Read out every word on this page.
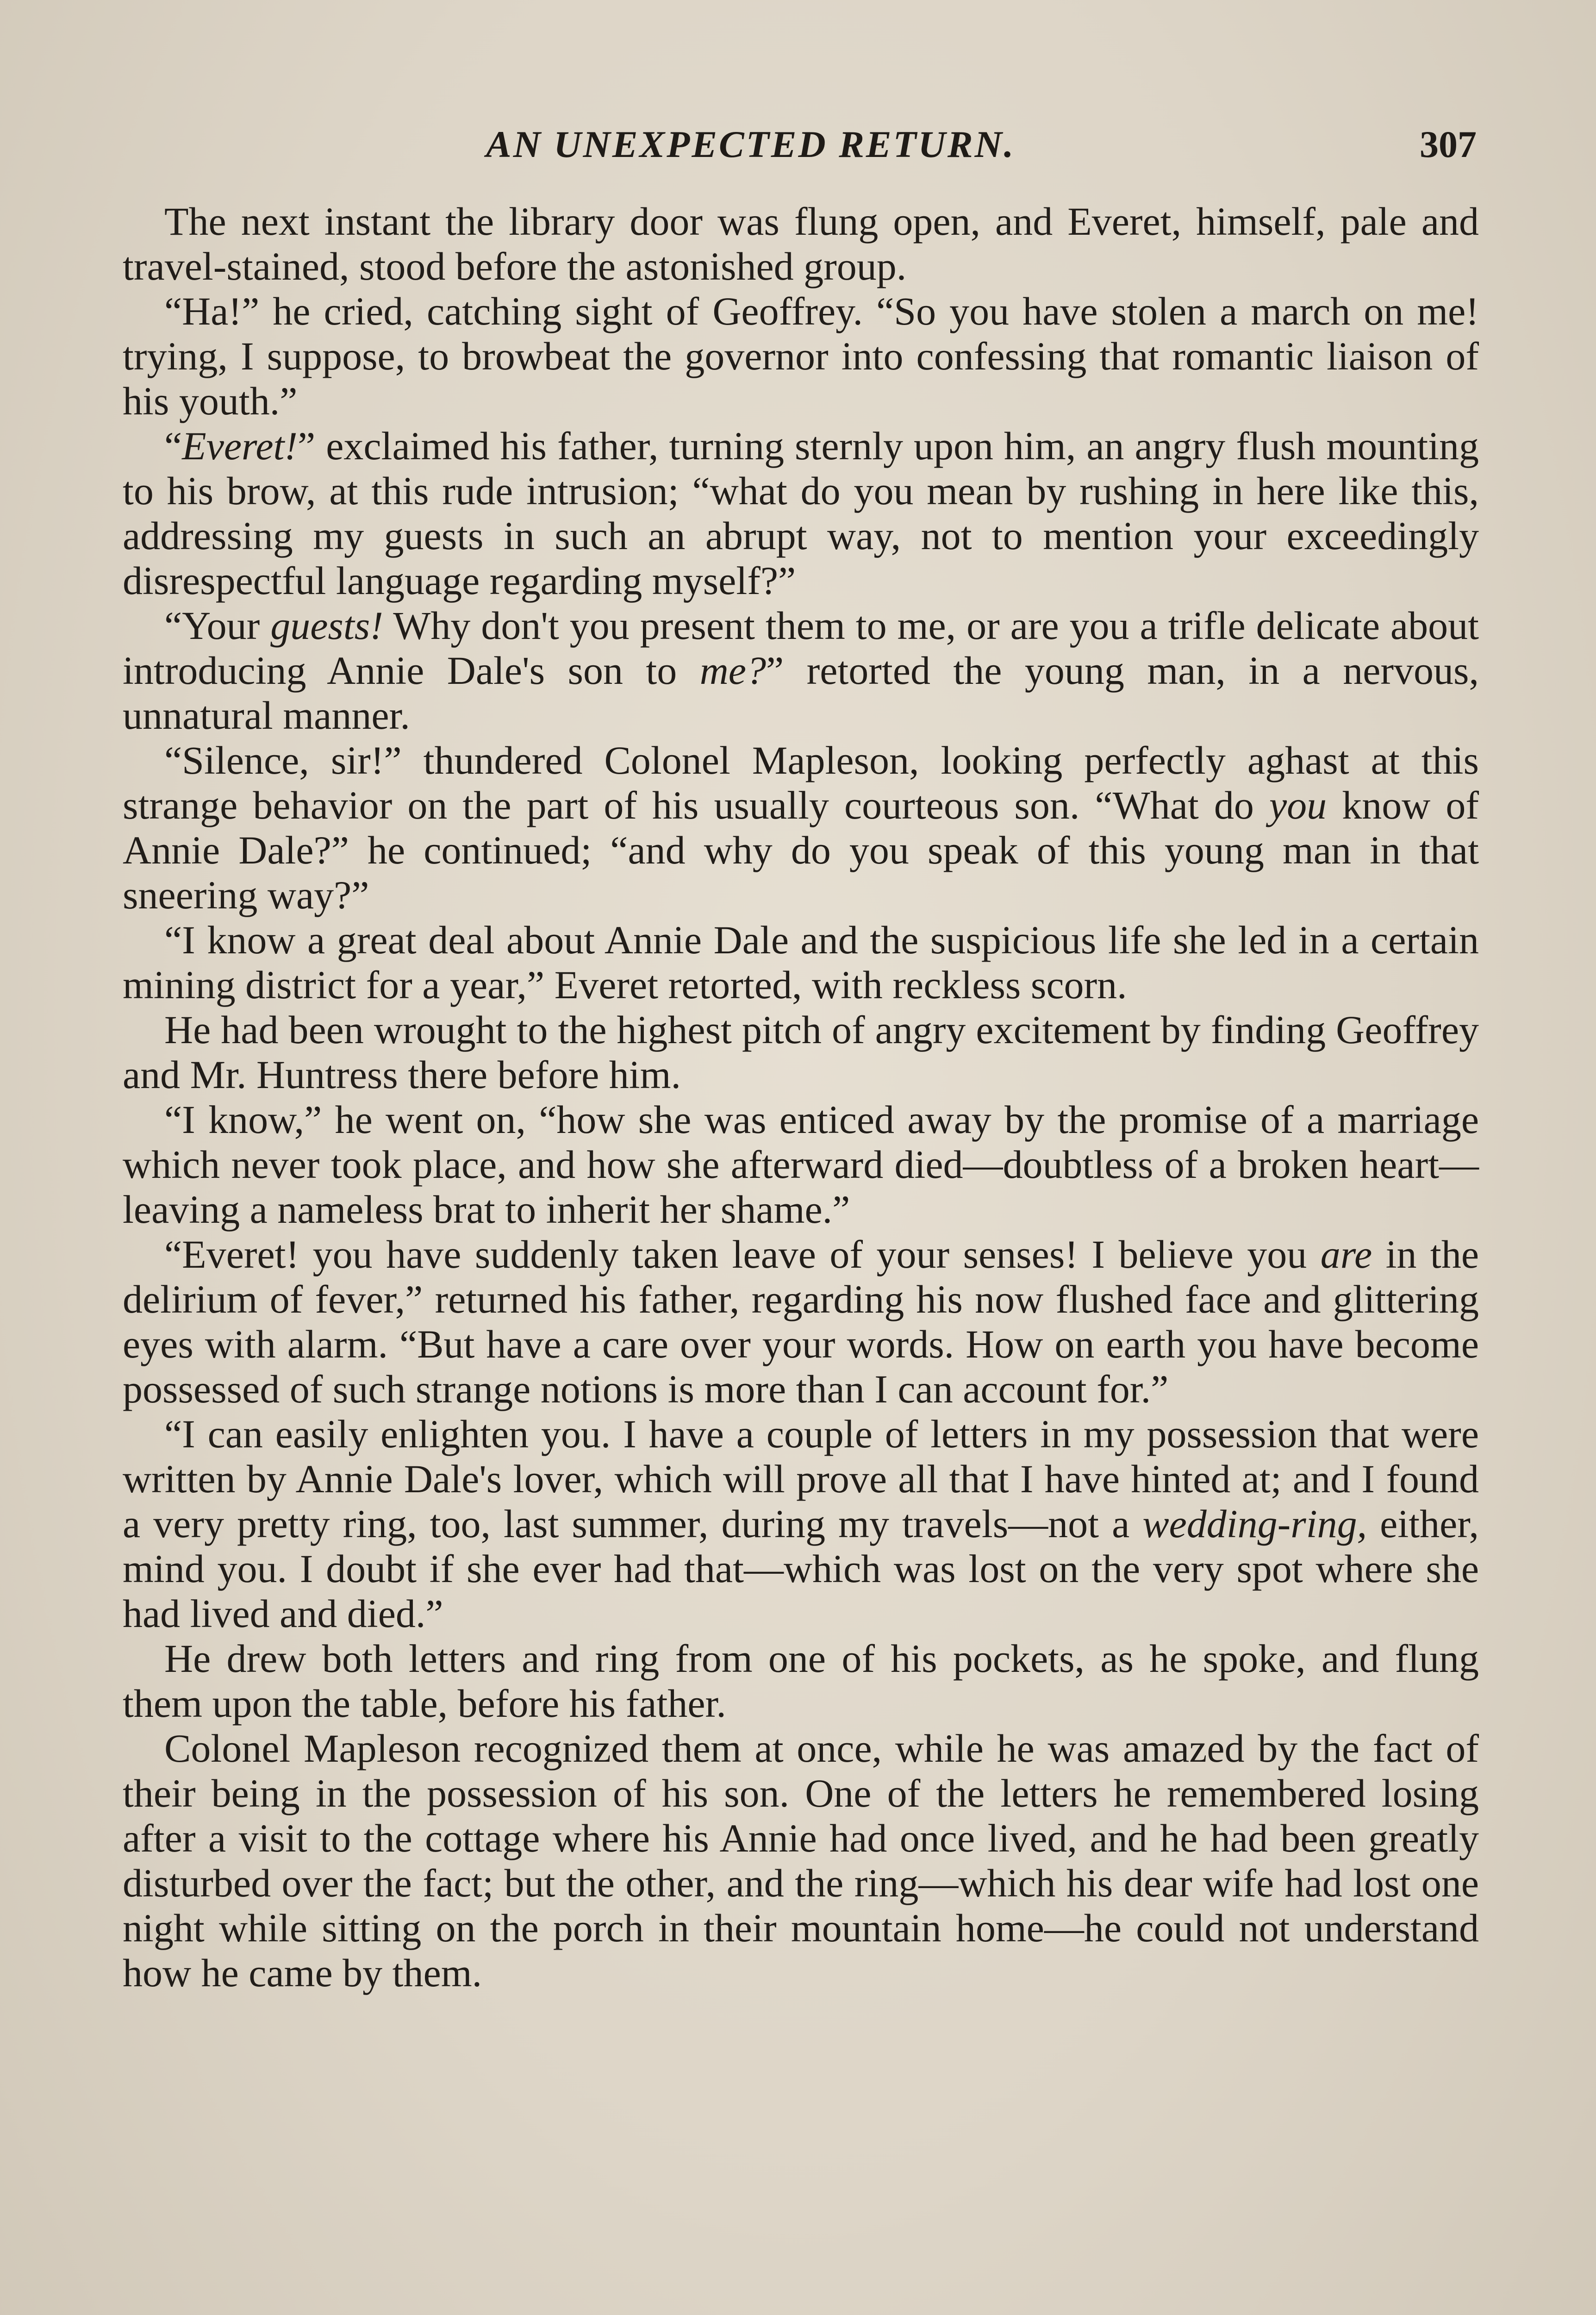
AN UNEXPECTED RETURN.	307

The next instant the library door was flung open, and Everet, himself, pale and travel-stained, stood before the astonished group.

“Ha!” he cried, catching sight of Geoffrey. “So you have stolen a march on me! trying, I suppose, to browbeat the governor into confessing that romantic liaison of his youth.”

“Everet!” exclaimed his father, turning sternly upon him, an angry flush mounting to his brow, at this rude intrusion; “what do you mean by rushing in here like this, addressing my guests in such an abrupt way, not to mention your exceedingly disrespectful language regarding myself?”

“Your guests! Why don't you present them to me, or are you a trifle delicate about introducing Annie Dale's son to me?” retorted the young man, in a nervous, unnatural manner.

“Silence, sir!” thundered Colonel Mapleson, looking perfectly aghast at this strange behavior on the part of his usually courteous son. “What do you know of Annie Dale?” he continued; “and why do you speak of this young man in that sneering way?”

“I know a great deal about Annie Dale and the suspicious life she led in a certain mining district for a year,” Everet retorted, with reckless scorn.

He had been wrought to the highest pitch of angry excitement by finding Geoffrey and Mr. Huntress there before him.

“I know,” he went on, “how she was enticed away by the promise of a marriage which never took place, and how she afterward died—doubtless of a broken heart—leaving a nameless brat to inherit her shame.”

“Everet! you have suddenly taken leave of your senses! I believe you are in the delirium of fever,” returned his father, regarding his now flushed face and glittering eyes with alarm. “But have a care over your words. How on earth you have become possessed of such strange notions is more than I can account for.”

“I can easily enlighten you. I have a couple of letters in my possession that were written by Annie Dale's lover, which will prove all that I have hinted at; and I found a very pretty ring, too, last summer, during my travels—not a wedding-ring, either, mind you. I doubt if she ever had that—which was lost on the very spot where she had lived and died.”

He drew both letters and ring from one of his pockets, as he spoke, and flung them upon the table, before his father.

Colonel Mapleson recognized them at once, while he was amazed by the fact of their being in the possession of his son. One of the letters he remembered losing after a visit to the cottage where his Annie had once lived, and he had been greatly disturbed over the fact; but the other, and the ring—which his dear wife had lost one night while sitting on the porch in their mountain home—he could not understand how he came by them.
